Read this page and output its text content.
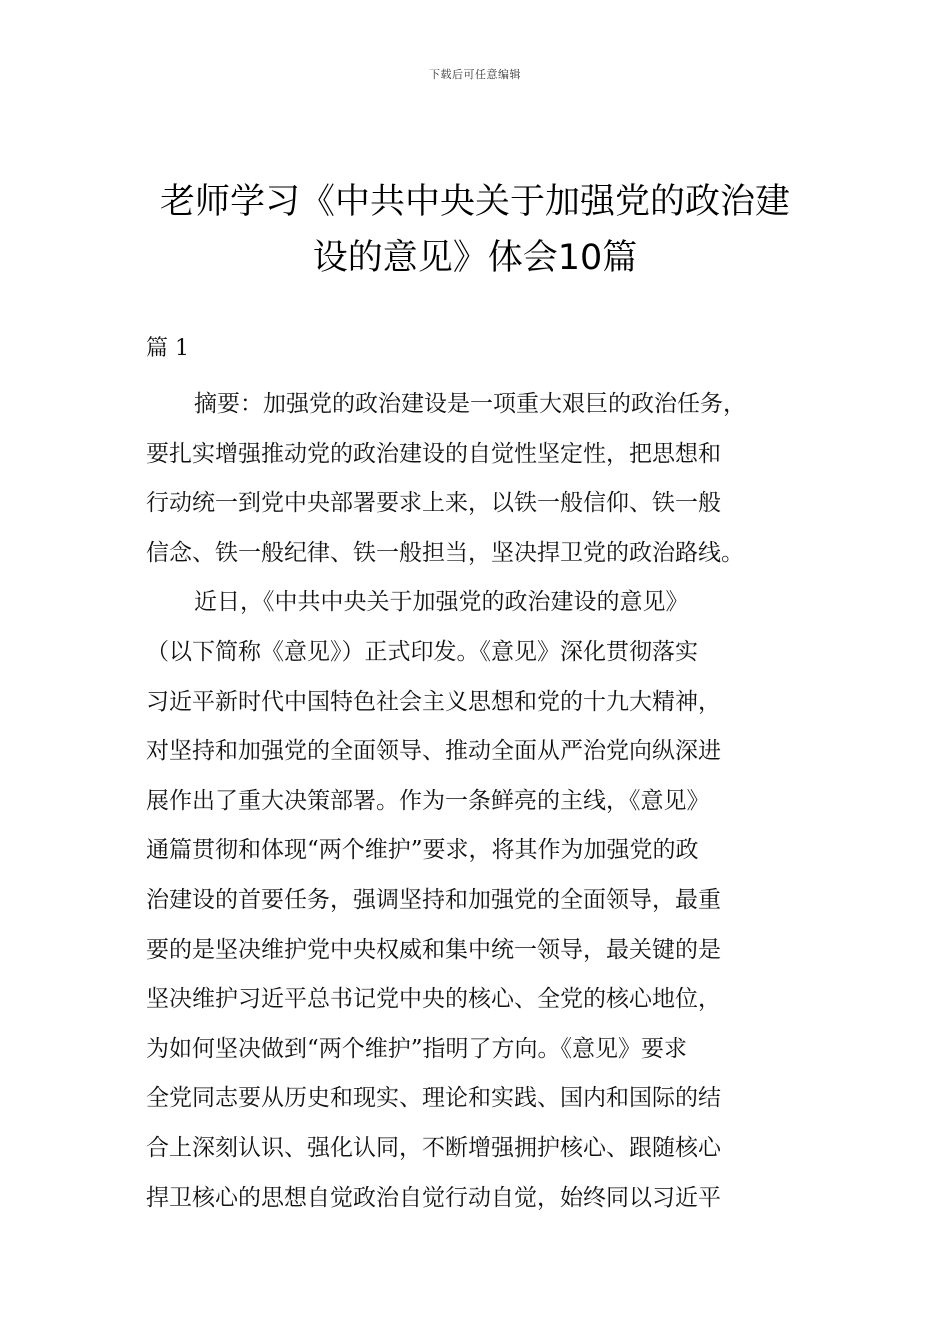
下载后可任意编辑
老师学习《中共中央关于加强党的政治建
设的意见》体会10篇
篇 1
摘要：加强党的政治建设是一项重大艰巨的政治任务，
要扎实增强推动党的政治建设的自觉性坚定性，把思想和
行动统一到党中央部署要求上来，以铁一般信仰、铁一般
信念、铁一般纪律、铁一般担当，坚决捍卫党的政治路线。
近日，《中共中央关于加强党的政治建设的意见》
（以下简称《意见》）正式印发。《意见》深化贯彻落实
习近平新时代中国特色社会主义思想和党的十九大精神，
对坚持和加强党的全面领导、推动全面从严治党向纵深进
展作出了重大决策部署。作为一条鲜亮的主线，《意见》
通篇贯彻和体现“两个维护”要求，将其作为加强党的政
治建设的首要任务，强调坚持和加强党的全面领导，最重
要的是坚决维护党中央权威和集中统一领导，最关键的是
坚决维护习近平总书记党中央的核心、全党的核心地位，
为如何坚决做到“两个维护”指明了方向。《意见》要求
全党同志要从历史和现实、理论和实践、国内和国际的结
合上深刻认识、强化认同，不断增强拥护核心、跟随核心
捍卫核心的思想自觉政治自觉行动自觉，始终同以习近平
